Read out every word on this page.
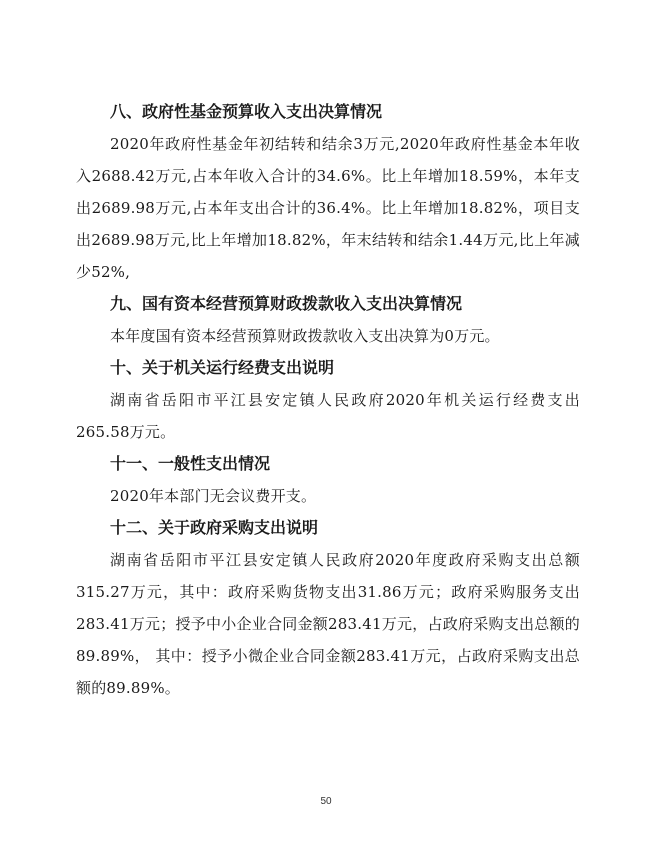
八、政府性基金预算收入支出决算情况

2020年政府性基金年初结转和结余3万元,2020年政府性基金本年收入2688.42万元,占本年收入合计的34.6%。比上年增加18.59%，本年支出2689.98万元,占本年支出合计的36.4%。比上年增加18.82%，项目支出2689.98万元,比上年增加18.82%，年末结转和结余1.44万元,比上年减少52%,

九、国有资本经营预算财政拨款收入支出决算情况

本年度国有资本经营预算财政拨款收入支出决算为0万元。

十、关于机关运行经费支出说明

湖南省岳阳市平江县安定镇人民政府2020年机关运行经费支出265.58万元。

十一、一般性支出情况

2020年本部门无会议费开支。

十二、关于政府采购支出说明

湖南省岳阳市平江县安定镇人民政府2020年度政府采购支出总额315.27万元，其中：政府采购货物支出31.86万元；政府采购服务支出283.41万元；授予中小企业合同金额283.41万元，占政府采购支出总额的89.89%， 其中：授予小微企业合同金额283.41万元，占政府采购支出总额的89.89%。

50
